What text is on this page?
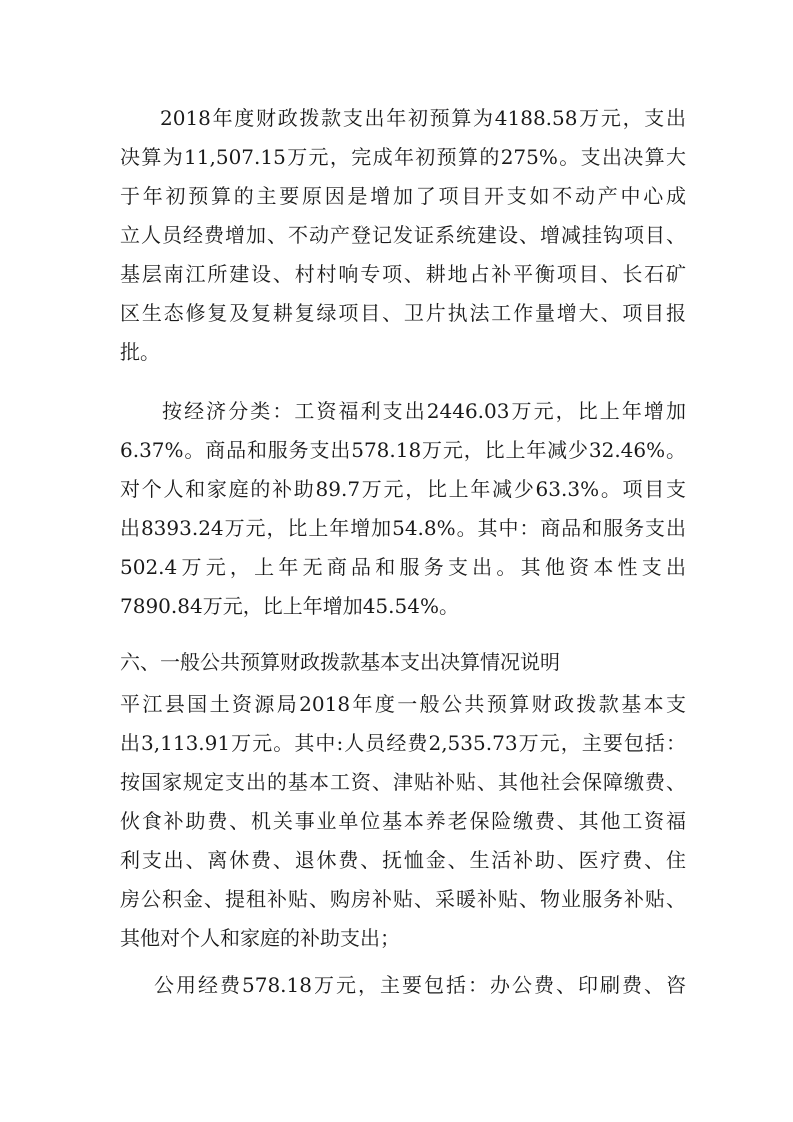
2018年度财政拨款支出年初预算为4188.58万元，支出
决算为11,507.15万元，完成年初预算的275%。支出决算大
于年初预算的主要原因是增加了项目开支如不动产中心成
立人员经费增加、不动产登记发证系统建设、增减挂钩项目、
基层南江所建设、村村响专项、耕地占补平衡项目、长石矿
区生态修复及复耕复绿项目、卫片执法工作量增大、项目报
批。
按经济分类：工资福利支出2446.03万元，比上年增加
6.37%。商品和服务支出578.18万元，比上年减少32.46%。
对个人和家庭的补助89.7万元，比上年减少63.3%。项目支
出8393.24万元，比上年增加54.8%。其中：商品和服务支出
502.4万元，上年无商品和服务支出。其他资本性支出
7890.84万元，比上年增加45.54%。
六、一般公共预算财政拨款基本支出决算情况说明
平江县国土资源局2018年度一般公共预算财政拨款基本支
出3,113.91万元。其中:人员经费2,535.73万元，主要包括：
按国家规定支出的基本工资、津贴补贴、其他社会保障缴费、
伙食补助费、机关事业单位基本养老保险缴费、其他工资福
利支出、离休费、退休费、抚恤金、生活补助、医疗费、住
房公积金、提租补贴、购房补贴、采暖补贴、物业服务补贴、
其他对个人和家庭的补助支出；
公用经费578.18万元，主要包括：办公费、印刷费、咨
